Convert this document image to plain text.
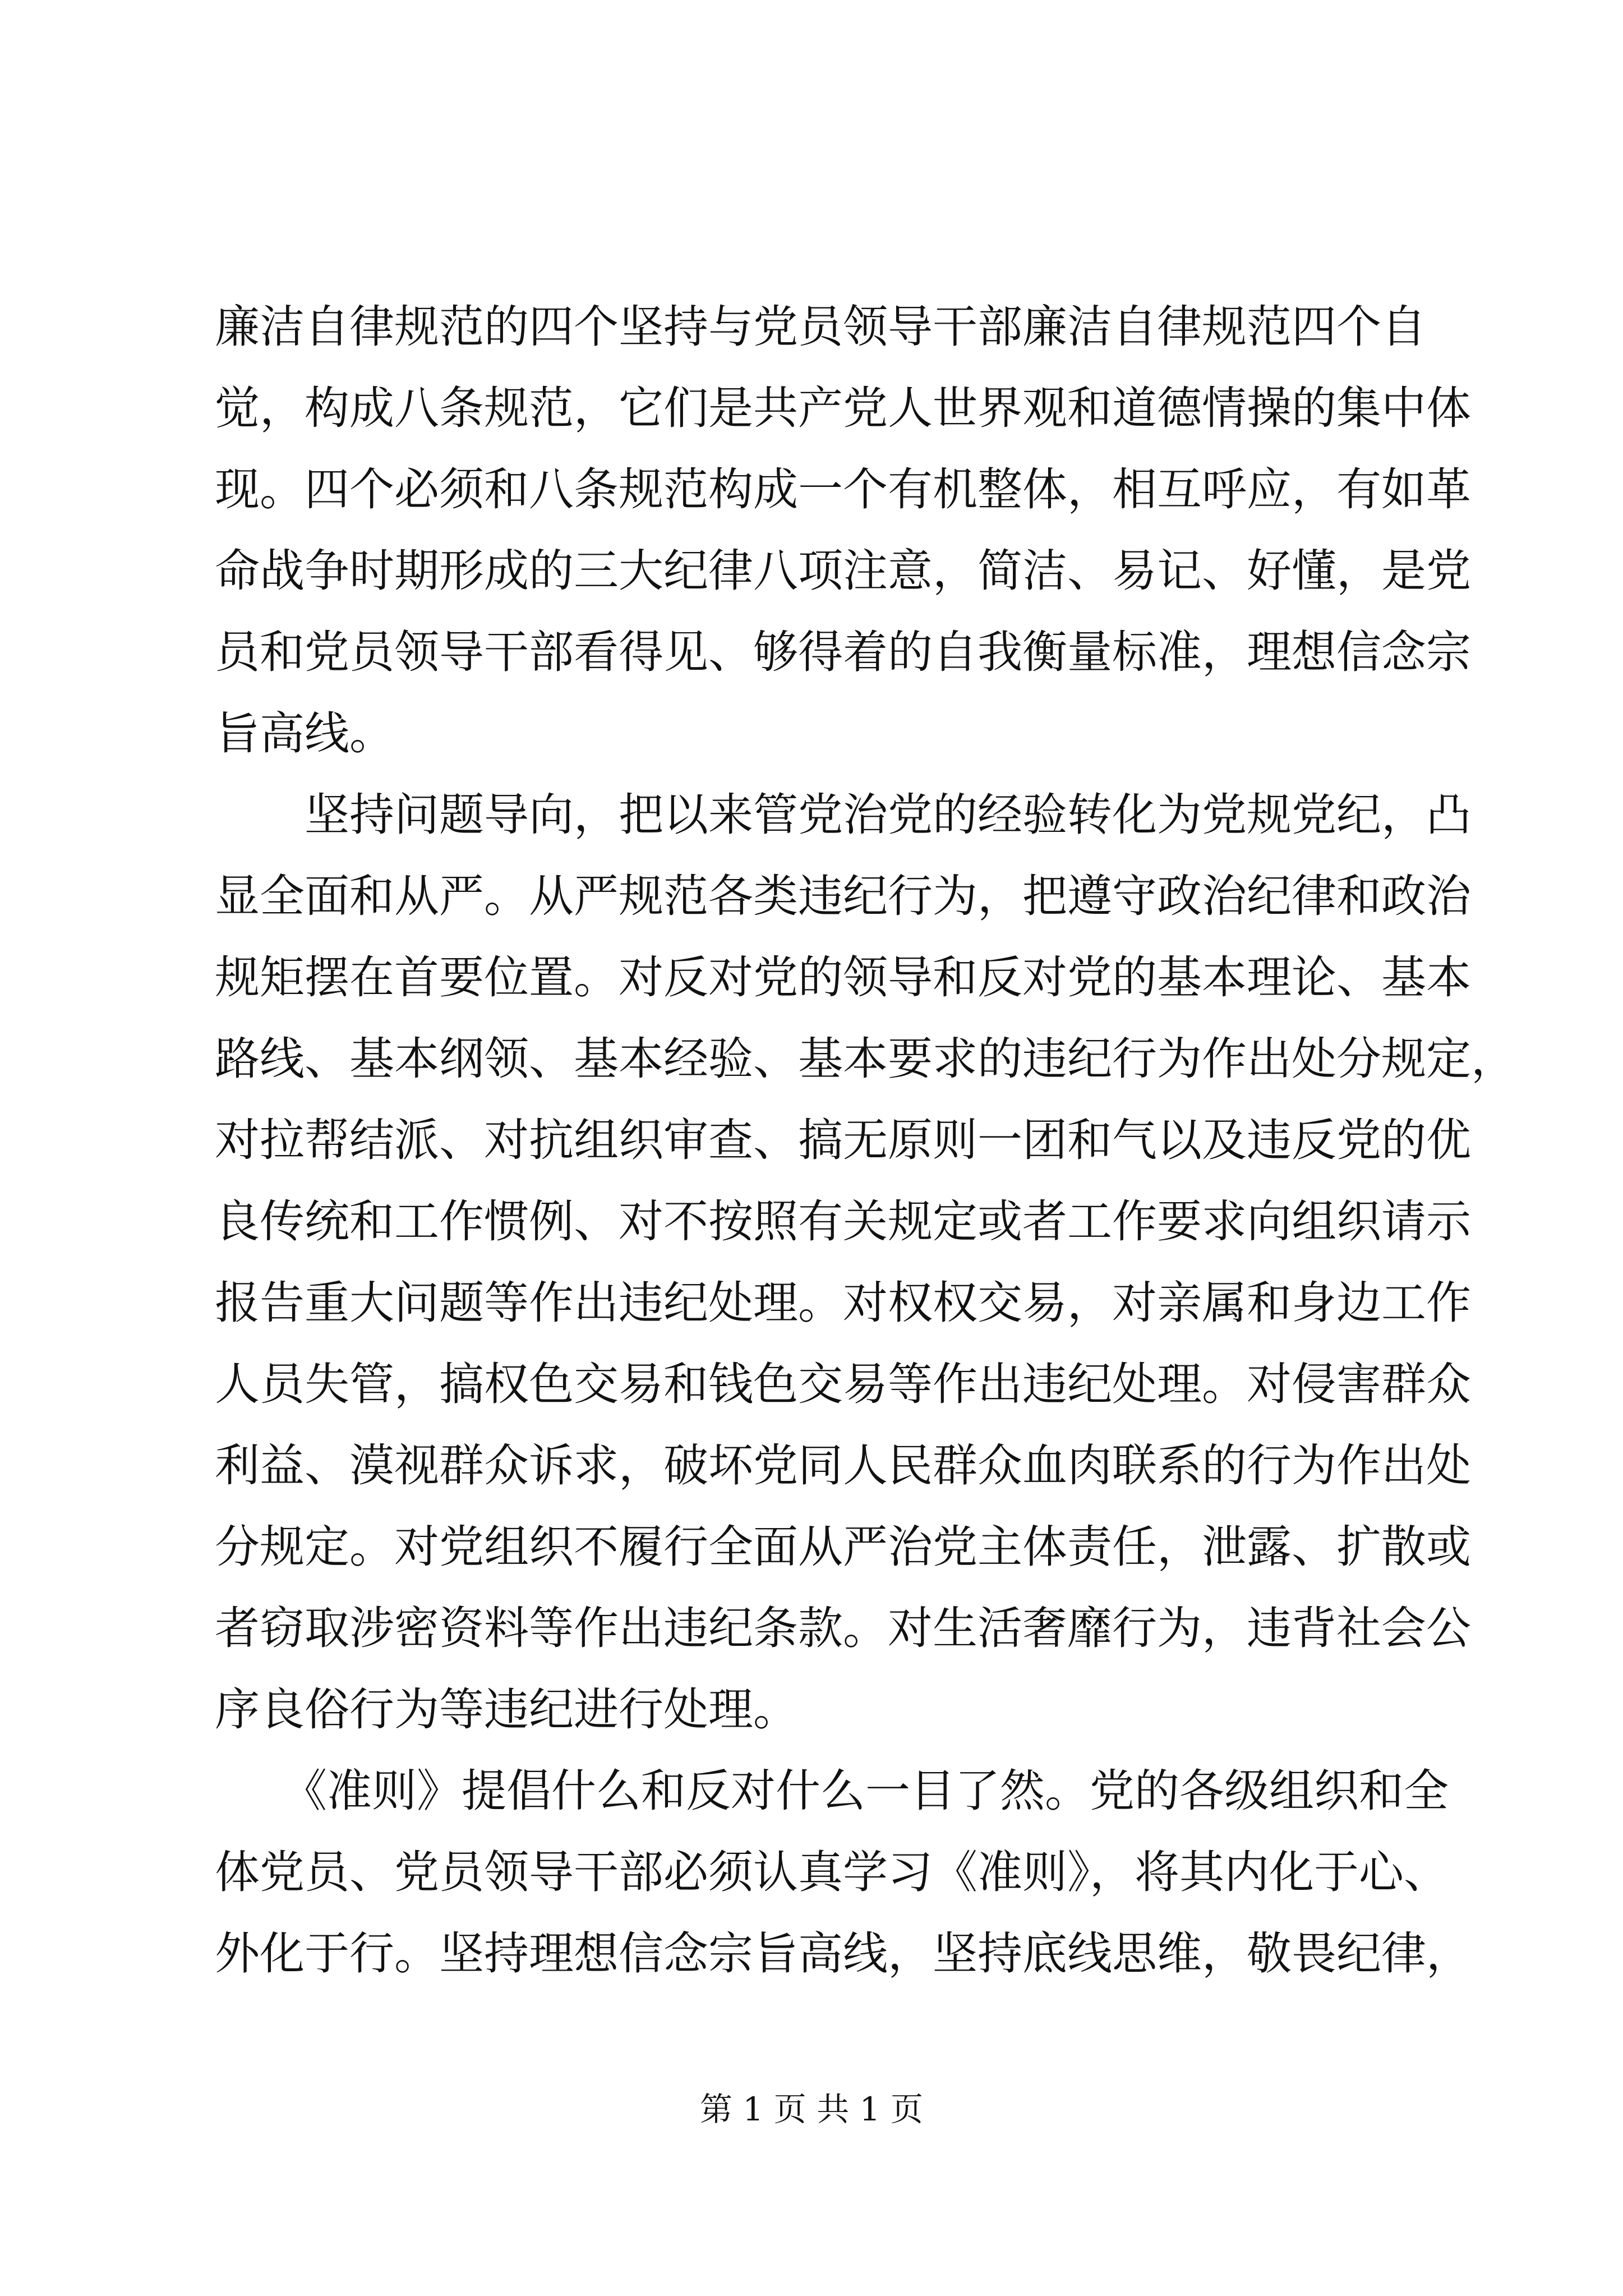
廉洁自律规范的四个坚持与党员领导干部廉洁自律规范四个自
觉，构成八条规范，它们是共产党人世界观和道德情操的集中体
现。四个必须和八条规范构成一个有机整体，相互呼应，有如革
命战争时期形成的三大纪律八项注意，简洁、易记、好懂，是党
员和党员领导干部看得见、够得着的自我衡量标准，理想信念宗
旨高线。
　　坚持问题导向，把以来管党治党的经验转化为党规党纪，凸
显全面和从严。从严规范各类违纪行为，把遵守政治纪律和政治
规矩摆在首要位置。对反对党的领导和反对党的基本理论、基本
路线、基本纲领、基本经验、基本要求的违纪行为作出处分规定，
对拉帮结派、对抗组织审查、搞无原则一团和气以及违反党的优
良传统和工作惯例、对不按照有关规定或者工作要求向组织请示
报告重大问题等作出违纪处理。对权权交易，对亲属和身边工作
人员失管，搞权色交易和钱色交易等作出违纪处理。对侵害群众
利益、漠视群众诉求，破坏党同人民群众血肉联系的行为作出处
分规定。对党组织不履行全面从严治党主体责任，泄露、扩散或
者窃取涉密资料等作出违纪条款。对生活奢靡行为，违背社会公
序良俗行为等违纪进行处理。
　　《准则》提倡什么和反对什么一目了然。党的各级组织和全
体党员、党员领导干部必须认真学习《准则》，将其内化于心、
外化于行。坚持理想信念宗旨高线，坚持底线思维，敬畏纪律，
第 1 页 共 1 页
